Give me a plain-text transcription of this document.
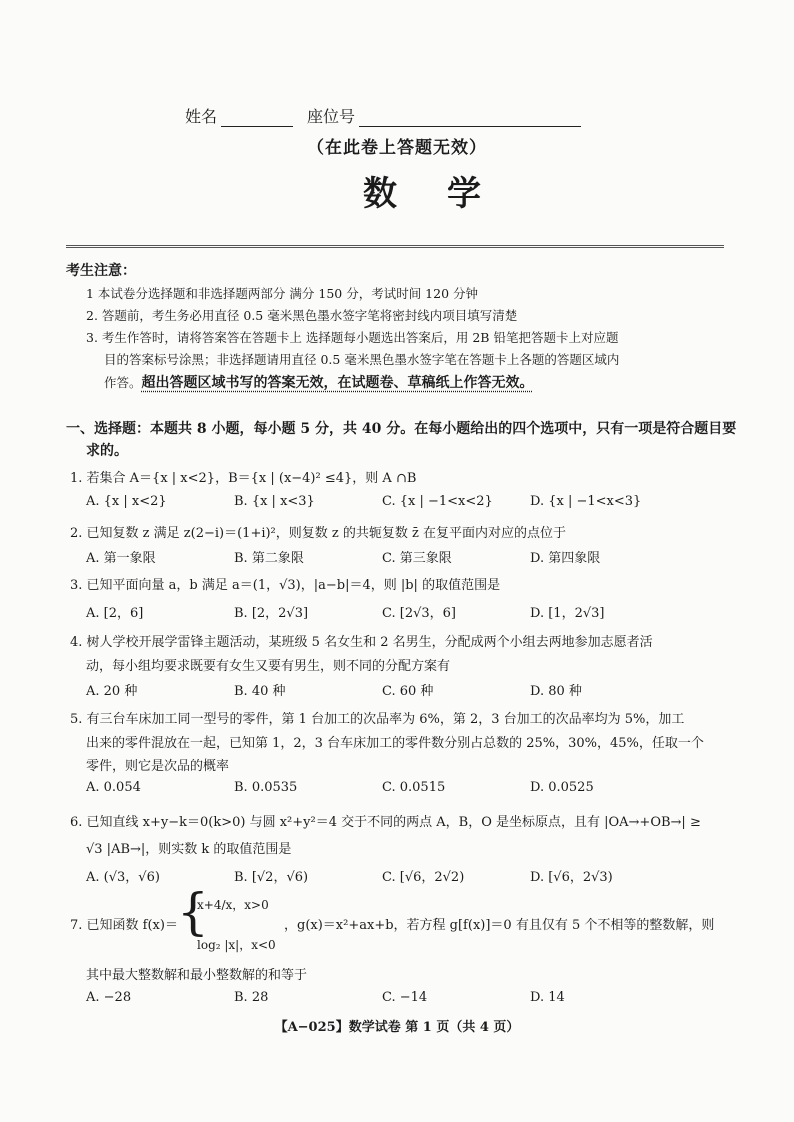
姓名	座位号
（在此卷上答题无效）
数学
考生注意：
1 本试卷分选择题和非选择题两部分 满分 150 分，考试时间 120 分钟
2. 答题前，考生务必用直径 0.5 毫米黑色墨水签字笔将密封线内项目填写清楚
3. 考生作答时，请将答案答在答题卡上 选择题每小题选出答案后，用 2B 铅笔把答题卡上对应题
目的答案标号涂黑；非选择题请用直径 0.5 毫米黑色墨水签字笔在答题卡上各题的答题区域内
作答。超出答题区域书写的答案无效，在试题卷、草稿纸上作答无效。
一、选择题：本题共 8 小题，每小题 5 分，共 40 分。在每小题给出的四个选项中，只有一项是符合题目要
求的。
1. 若集合 A＝{x | x<2}，B＝{x | (x−4)² ≤4}，则 A ∩B
A. {x | x<2}	B. {x | x<3}	C. {x | −1<x<2}	D. {x | −1<x<3}
2. 已知复数 z 满足 z(2−i)＝(1+i)²，则复数 z 的共轭复数 z̄ 在复平面内对应的点位于
A. 第一象限	B. 第二象限	C. 第三象限	D. 第四象限
3. 已知平面向量 a，b 满足 a＝(1，√3)，|a−b|＝4，则 |b| 的取值范围是
A. [2，6]	B. [2，2√3]	C. [2√3，6]	D. [1，2√3]
4. 树人学校开展学雷锋主题活动，某班级 5 名女生和 2 名男生，分配成两个小组去两地参加志愿者活
动，每小组均要求既要有女生又要有男生，则不同的分配方案有
A. 20 种	B. 40 种	C. 60 种	D. 80 种
5. 有三台车床加工同一型号的零件，第 1 台加工的次品率为 6%，第 2，3 台加工的次品率均为 5%，加工
出来的零件混放在一起，已知第 1，2，3 台车床加工的零件数分别占总数的 25%，30%，45%，任取一个
零件，则它是次品的概率
A. 0.054	B. 0.0535	C. 0.0515	D. 0.0525
6. 已知直线 x+y−k＝0(k>0) 与圆 x²+y²＝4 交于不同的两点 A，B，O 是坐标原点，且有 |OA→+OB→| ≥
√3 |AB→|，则实数 k 的取值范围是
A. (√3，√6)	B. [√2，√6)	C. [√6，2√2)	D. [√6，2√3)
7. 已知函数 f(x)＝ {
x+4/x，x>0
log₂ |x|，x<0
，g(x)＝x²+ax+b，若方程 g[f(x)]＝0 有且仅有 5 个不相等的整数解，则
其中最大整数解和最小整数解的和等于
A. −28	B. 28	C. −14	D. 14
【A−025】数学试卷 第 1 页（共 4 页）
